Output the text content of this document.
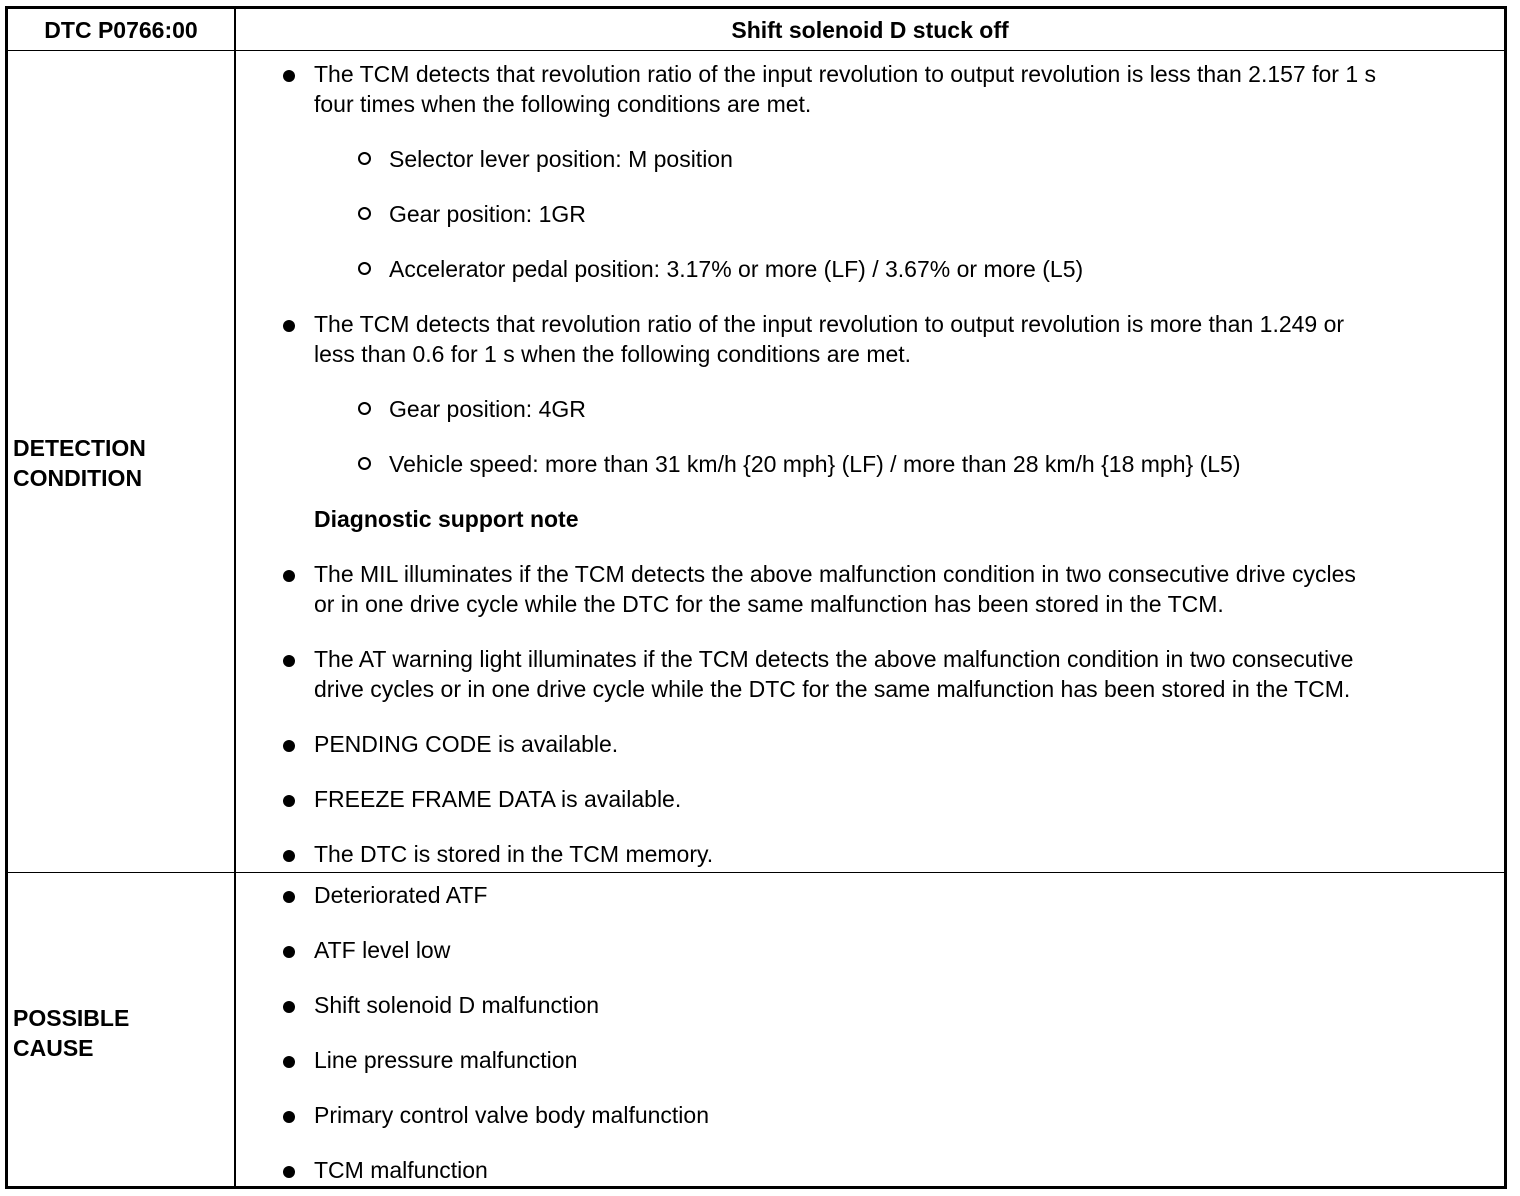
DTC P0766:00	Shift solenoid D stuck off
DETECTION
CONDITION
The TCM detects that revolution ratio of the input revolution to output revolution is less than 2.157 for 1 s
four times when the following conditions are met.
Selector lever position: M position
Gear position: 1GR
Accelerator pedal position: 3.17% or more (LF) / 3.67% or more (L5)
The TCM detects that revolution ratio of the input revolution to output revolution is more than 1.249 or
less than 0.6 for 1 s when the following conditions are met.
Gear position: 4GR
Vehicle speed: more than 31 km/h {20 mph} (LF) / more than 28 km/h {18 mph} (L5)
Diagnostic support note
The MIL illuminates if the TCM detects the above malfunction condition in two consecutive drive cycles
or in one drive cycle while the DTC for the same malfunction has been stored in the TCM.
The AT warning light illuminates if the TCM detects the above malfunction condition in two consecutive
drive cycles or in one drive cycle while the DTC for the same malfunction has been stored in the TCM.
PENDING CODE is available.
FREEZE FRAME DATA is available.
The DTC is stored in the TCM memory.
POSSIBLE
CAUSE
Deteriorated ATF
ATF level low
Shift solenoid D malfunction
Line pressure malfunction
Primary control valve body malfunction
TCM malfunction
